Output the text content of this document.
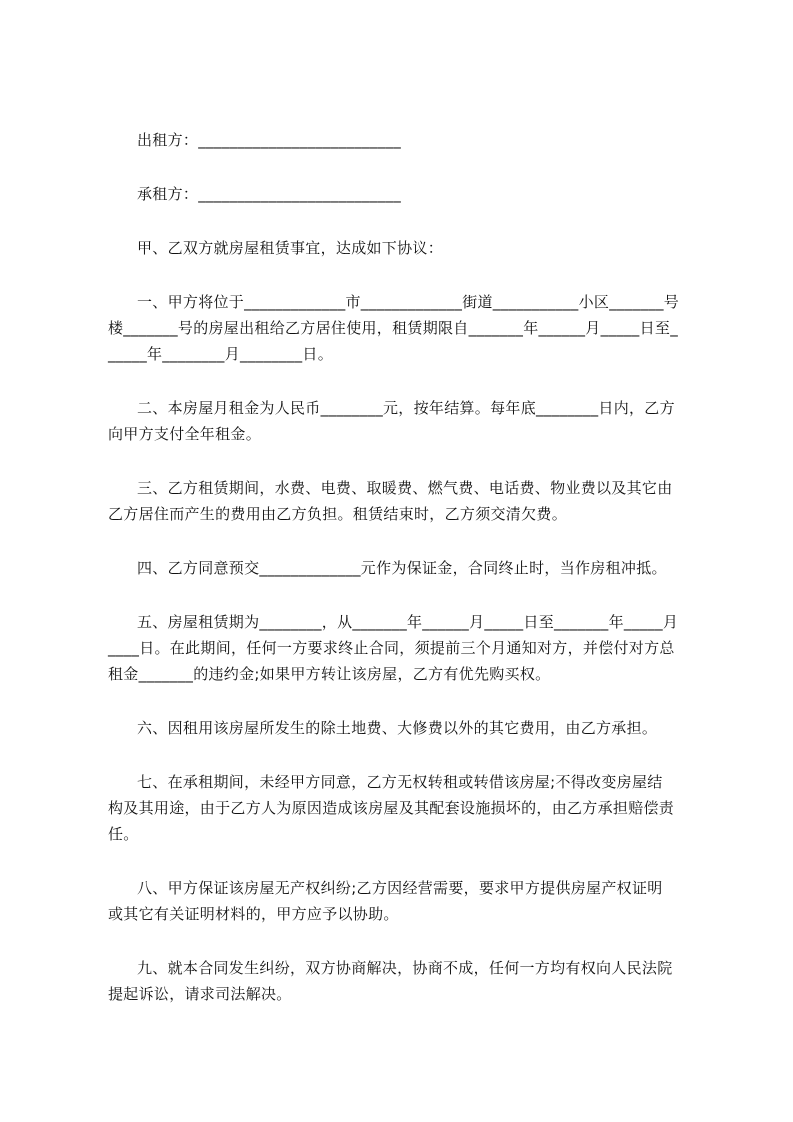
出租方：__________________________
承租方：__________________________
甲、乙双方就房屋租赁事宜，达成如下协议：
一、甲方将位于_____________市_____________街道___________小区_______号
楼_______号的房屋出租给乙方居住使用，租赁期限自_______年______月_____日至_
_____年________月________日。
二、本房屋月租金为人民币________元，按年结算。每年底________日内，乙方
向甲方支付全年租金。
三、乙方租赁期间，水费、电费、取暖费、燃气费、电话费、物业费以及其它由
乙方居住而产生的费用由乙方负担。租赁结束时，乙方须交清欠费。
四、乙方同意预交_____________元作为保证金，合同终止时，当作房租冲抵。
五、房屋租赁期为________，从_______年______月_____日至_______年_____月
____日。在此期间，任何一方要求终止合同，须提前三个月通知对方，并偿付对方总
租金_______的违约金;如果甲方转让该房屋，乙方有优先购买权。
六、因租用该房屋所发生的除土地费、大修费以外的其它费用，由乙方承担。
七、在承租期间，未经甲方同意，乙方无权转租或转借该房屋;不得改变房屋结
构及其用途，由于乙方人为原因造成该房屋及其配套设施损坏的，由乙方承担赔偿责
任。
八、甲方保证该房屋无产权纠纷;乙方因经营需要，要求甲方提供房屋产权证明
或其它有关证明材料的，甲方应予以协助。
九、就本合同发生纠纷，双方协商解决，协商不成，任何一方均有权向人民法院
提起诉讼，请求司法解决。
